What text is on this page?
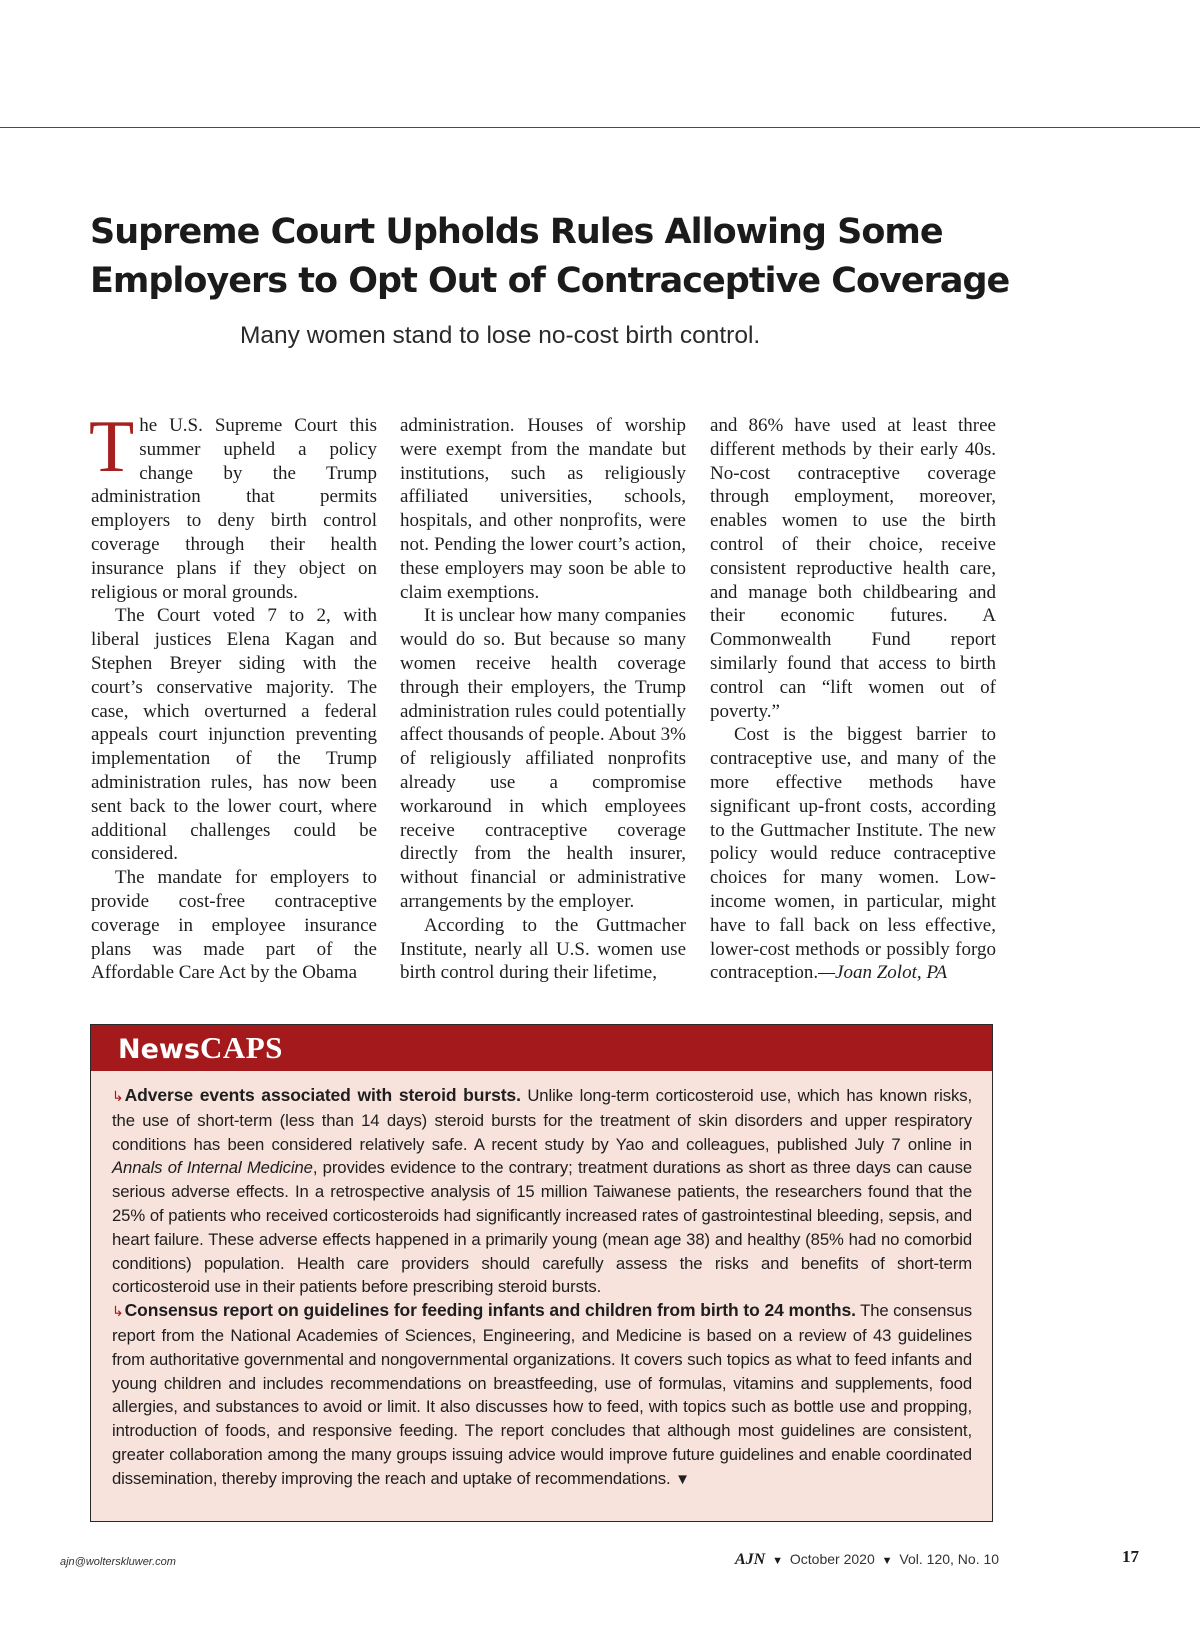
Supreme Court Upholds Rules Allowing Some
Employers to Opt Out of Contraceptive Coverage

Many women stand to lose no-cost birth control.

The U.S. Supreme Court this summer upheld a policy change by the Trump administration that permits employers to deny birth control coverage through their health insurance plans if they object on religious or moral grounds.

The Court voted 7 to 2, with liberal justices Elena Kagan and Stephen Breyer siding with the court’s conservative majority. The case, which overturned a federal appeals court injunction preventing implementation of the Trump administration rules, has now been sent back to the lower court, where additional challenges could be considered.

The mandate for employers to provide cost-free contraceptive coverage in employee insurance plans was made part of the Affordable Care Act by the Obama

administration. Houses of worship were exempt from the mandate but institutions, such as religiously affiliated universities, schools, hospitals, and other nonprofits, were not. Pending the lower court’s action, these employers may soon be able to claim exemptions.

It is unclear how many companies would do so. But because so many women receive health coverage through their employers, the Trump administration rules could potentially affect thousands of people. About 3% of religiously affiliated nonprofits already use a compromise workaround in which employees receive contraceptive coverage directly from the health insurer, without financial or administrative arrangements by the employer.

According to the Guttmacher Institute, nearly all U.S. women use birth control during their lifetime,

and 86% have used at least three different methods by their early 40s. No-cost contraceptive coverage through employment, moreover, enables women to use the birth control of their choice, receive consistent reproductive health care, and manage both childbearing and their economic futures. A Commonwealth Fund report similarly found that access to birth control can “lift women out of poverty.”

Cost is the biggest barrier to contraceptive use, and many of the more effective methods have significant up-front costs, according to the Guttmacher Institute. The new policy would reduce contraceptive choices for many women. Low-income women, in particular, might have to fall back on less effective, lower-cost methods or possibly forgo contraception.—Joan Zolot, PA

NewsCAPS

↳Adverse events associated with steroid bursts. Unlike long-term corticosteroid use, which has known risks, the use of short-term (less than 14 days) steroid bursts for the treatment of skin disorders and upper respiratory conditions has been considered relatively safe. A recent study by Yao and colleagues, published July 7 online in Annals of Internal Medicine, provides evidence to the contrary; treatment durations as short as three days can cause serious adverse effects. In a retrospective analysis of 15 million Taiwanese patients, the researchers found that the 25% of patients who received corticosteroids had significantly increased rates of gastrointestinal bleeding, sepsis, and heart failure. These adverse effects happened in a primarily young (mean age 38) and healthy (85% had no comorbid conditions) population. Health care providers should carefully assess the risks and benefits of short-term corticosteroid use in their patients before prescribing steroid bursts.

↳Consensus report on guidelines for feeding infants and children from birth to 24 months. The consensus report from the National Academies of Sciences, Engineering, and Medicine is based on a review of 43 guidelines from authoritative governmental and nongovernmental organizations. It covers such topics as what to feed infants and young children and includes recommendations on breastfeeding, use of formulas, vitamins and supplements, food allergies, and substances to avoid or limit. It also discusses how to feed, with topics such as bottle use and propping, introduction of foods, and responsive feeding. The report concludes that although most guidelines are consistent, greater collaboration among the many groups issuing advice would improve future guidelines and enable coordinated dissemination, thereby improving the reach and uptake of recommendations. ▼

ajn@wolterskluwer.com	AJN ▼ October 2020 ▼ Vol. 120, No. 10	17
